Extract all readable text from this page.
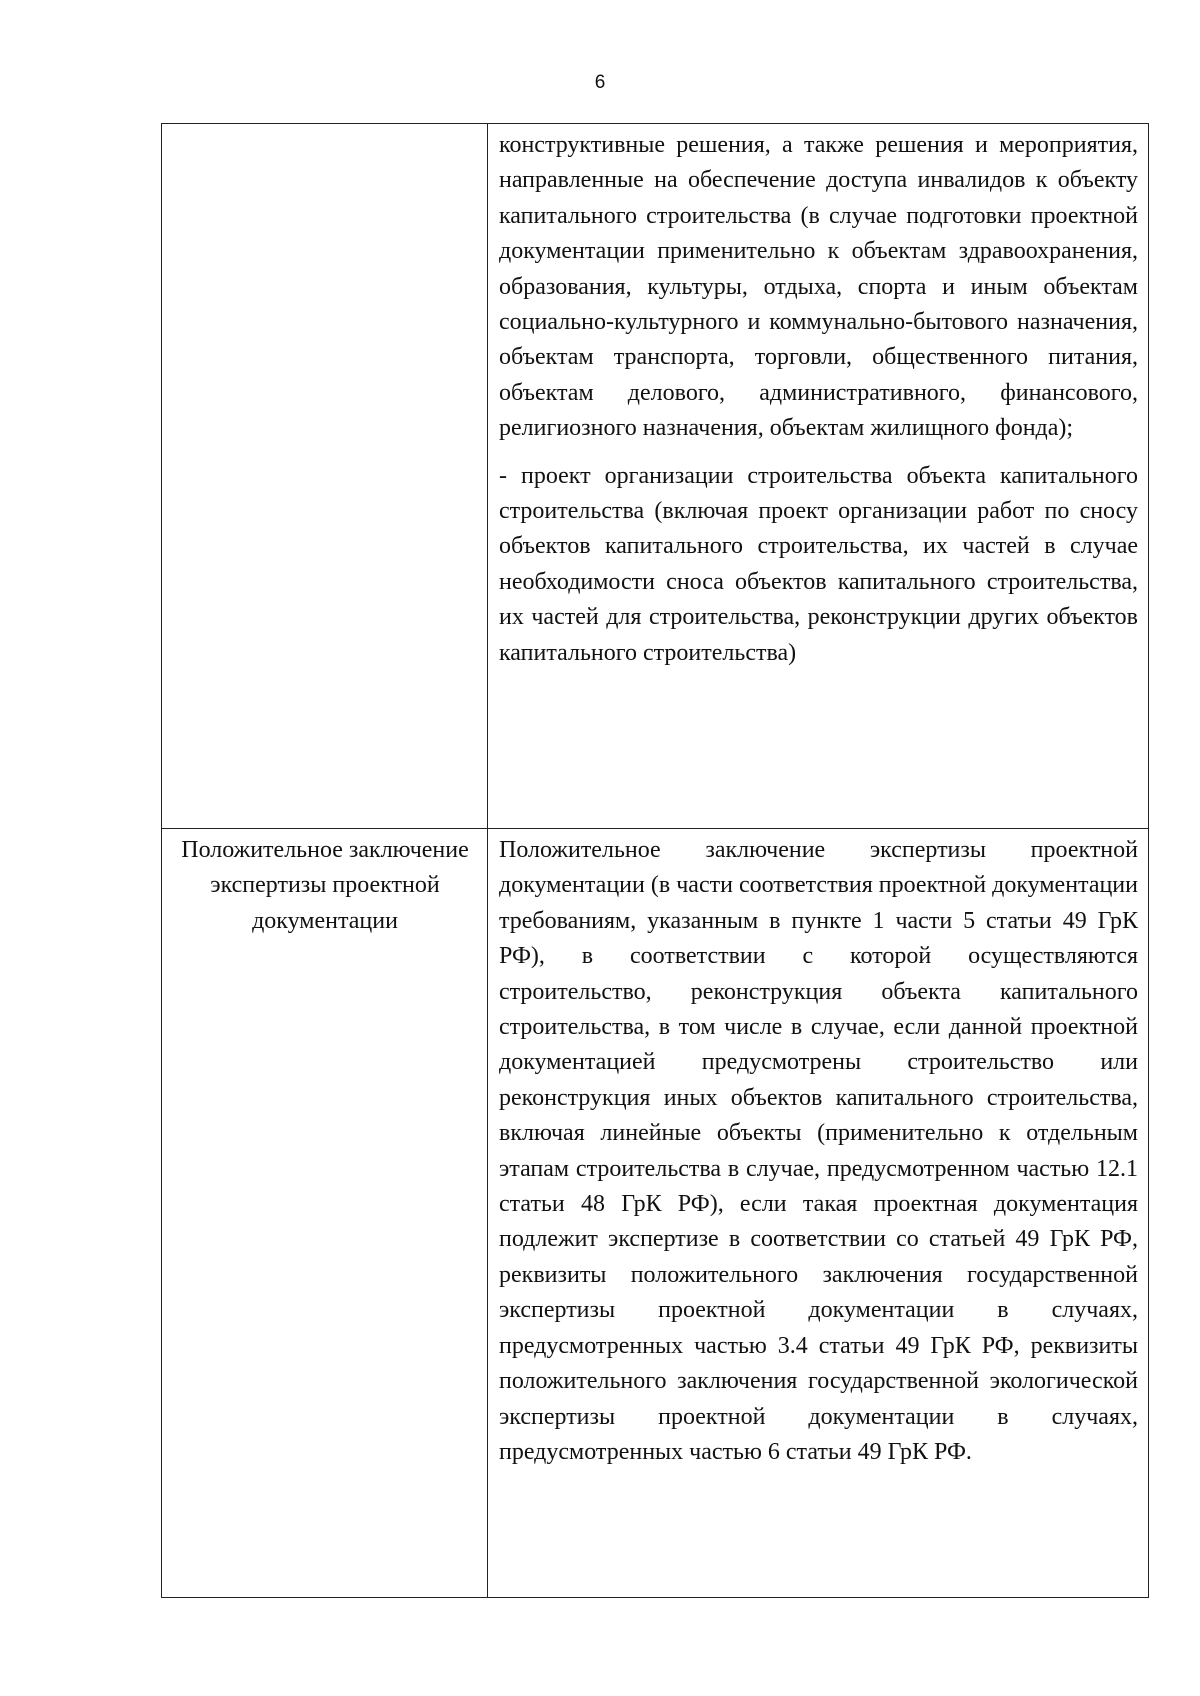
6

	конструктивные решения, а также решения и мероприятия, направленные на обеспечение доступа инвалидов к объекту капитального строительства (в случае подготовки проектной документации применительно к объектам здравоохранения, образования, культуры, отдыха, спорта и иным объектам социально-культурного и коммунально-бытового назначения, объектам транспорта, торговли, общественного питания, объектам делового, административного, финансового, религиозного назначения, объектам жилищного фонда);

- проект организации строительства объекта капитального строительства (включая проект организации работ по сносу объектов капитального строительства, их частей в случае необходимости сноса объектов капитального строительства, их частей для строительства, реконструкции других объектов капитального строительства)

Положительное заключение экспертизы проектной документации	Положительное заключение экспертизы проектной документации (в части соответствия проектной документации требованиям, указанным в пункте 1 части 5 статьи 49 ГрК РФ), в соответствии с которой осуществляются строительство, реконструкция объекта капитального строительства, в том числе в случае, если данной проектной документацией предусмотрены строительство или реконструкция иных объектов капитального строительства, включая линейные объекты (применительно к отдельным этапам строительства в случае, предусмотренном частью 12.1 статьи 48 ГрК РФ), если такая проектная документация подлежит экспертизе в соответствии со статьей 49 ГрК РФ, реквизиты положительного заключения государственной экспертизы проектной документации в случаях, предусмотренных частью 3.4 статьи 49 ГрК РФ, реквизиты положительного заключения государственной экологической экспертизы проектной документации в случаях, предусмотренных частью 6 статьи 49 ГрК РФ.
